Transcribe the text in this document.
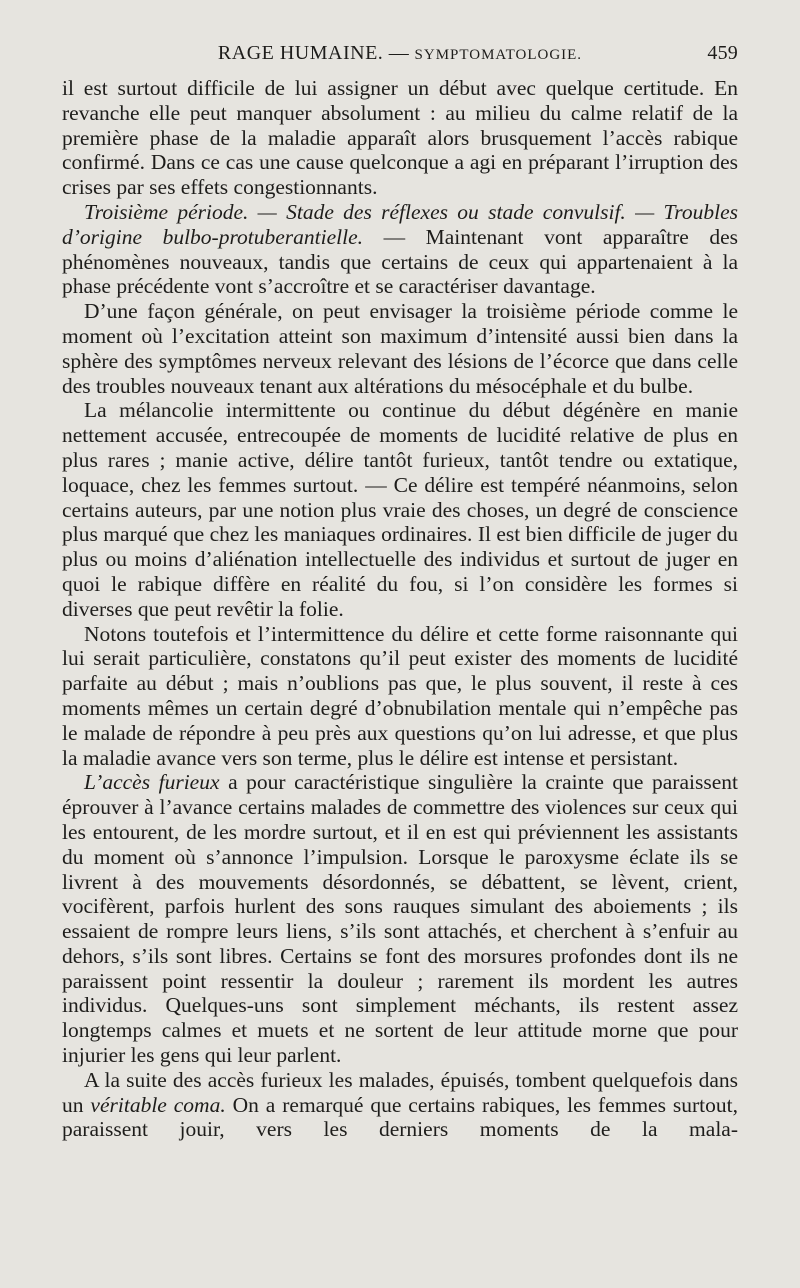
RAGE HUMAINE. — SYMPTOMATOLOGIE.	459

il est surtout difficile de lui assigner un début avec quelque certitude. En revanche elle peut manquer absolument : au milieu du calme relatif de la première phase de la maladie apparaît alors brusquement l’accès rabique confirmé. Dans ce cas une cause quelconque a agi en préparant l’irruption des crises par ses effets congestionnants.

Troisième période. — Stade des réflexes ou stade convulsif. — Troubles d’origine bulbo-protuberantielle. — Maintenant vont apparaître des phénomènes nouveaux, tandis que certains de ceux qui appartenaient à la phase précédente vont s’accroître et se caractériser davantage.

D’une façon générale, on peut envisager la troisième période comme le moment où l’excitation atteint son maximum d’intensité aussi bien dans la sphère des symptômes nerveux relevant des lésions de l’écorce que dans celle des troubles nouveaux tenant aux altérations du mésocéphale et du bulbe.

La mélancolie intermittente ou continue du début dégénère en manie nettement accusée, entrecoupée de moments de lucidité relative de plus en plus rares ; manie active, délire tantôt furieux, tantôt tendre ou extatique, loquace, chez les femmes surtout. — Ce délire est tempéré néanmoins, selon certains auteurs, par une notion plus vraie des choses, un degré de conscience plus marqué que chez les maniaques ordinaires. Il est bien difficile de juger du plus ou moins d’aliénation intellectuelle des individus et surtout de juger en quoi le rabique diffère en réalité du fou, si l’on considère les formes si diverses que peut revêtir la folie.

Notons toutefois et l’intermittence du délire et cette forme raisonnante qui lui serait particulière, constatons qu’il peut exister des moments de lucidité parfaite au début ; mais n’oublions pas que, le plus souvent, il reste à ces moments mêmes un certain degré d’obnubilation mentale qui n’empêche pas le malade de répondre à peu près aux questions qu’on lui adresse, et que plus la maladie avance vers son terme, plus le délire est intense et persistant.

L’accès furieux a pour caractéristique singulière la crainte que paraissent éprouver à l’avance certains malades de commettre des violences sur ceux qui les entourent, de les mordre surtout, et il en est qui préviennent les assistants du moment où s’annonce l’impulsion. Lorsque le paroxysme éclate ils se livrent à des mouvements désordonnés, se débattent, se lèvent, crient, vocifèrent, parfois hurlent des sons rauques simulant des aboiements ; ils essaient de rompre leurs liens, s’ils sont attachés, et cherchent à s’enfuir au dehors, s’ils sont libres. Certains se font des morsures profondes dont ils ne paraissent point ressentir la douleur ; rarement ils mordent les autres individus. Quelques-uns sont simplement méchants, ils restent assez longtemps calmes et muets et ne sortent de leur attitude morne que pour injurier les gens qui leur parlent.

A la suite des accès furieux les malades, épuisés, tombent quelquefois dans un véritable coma. On a remarqué que certains rabiques, les femmes surtout, paraissent jouir, vers les derniers moments de la mala-
